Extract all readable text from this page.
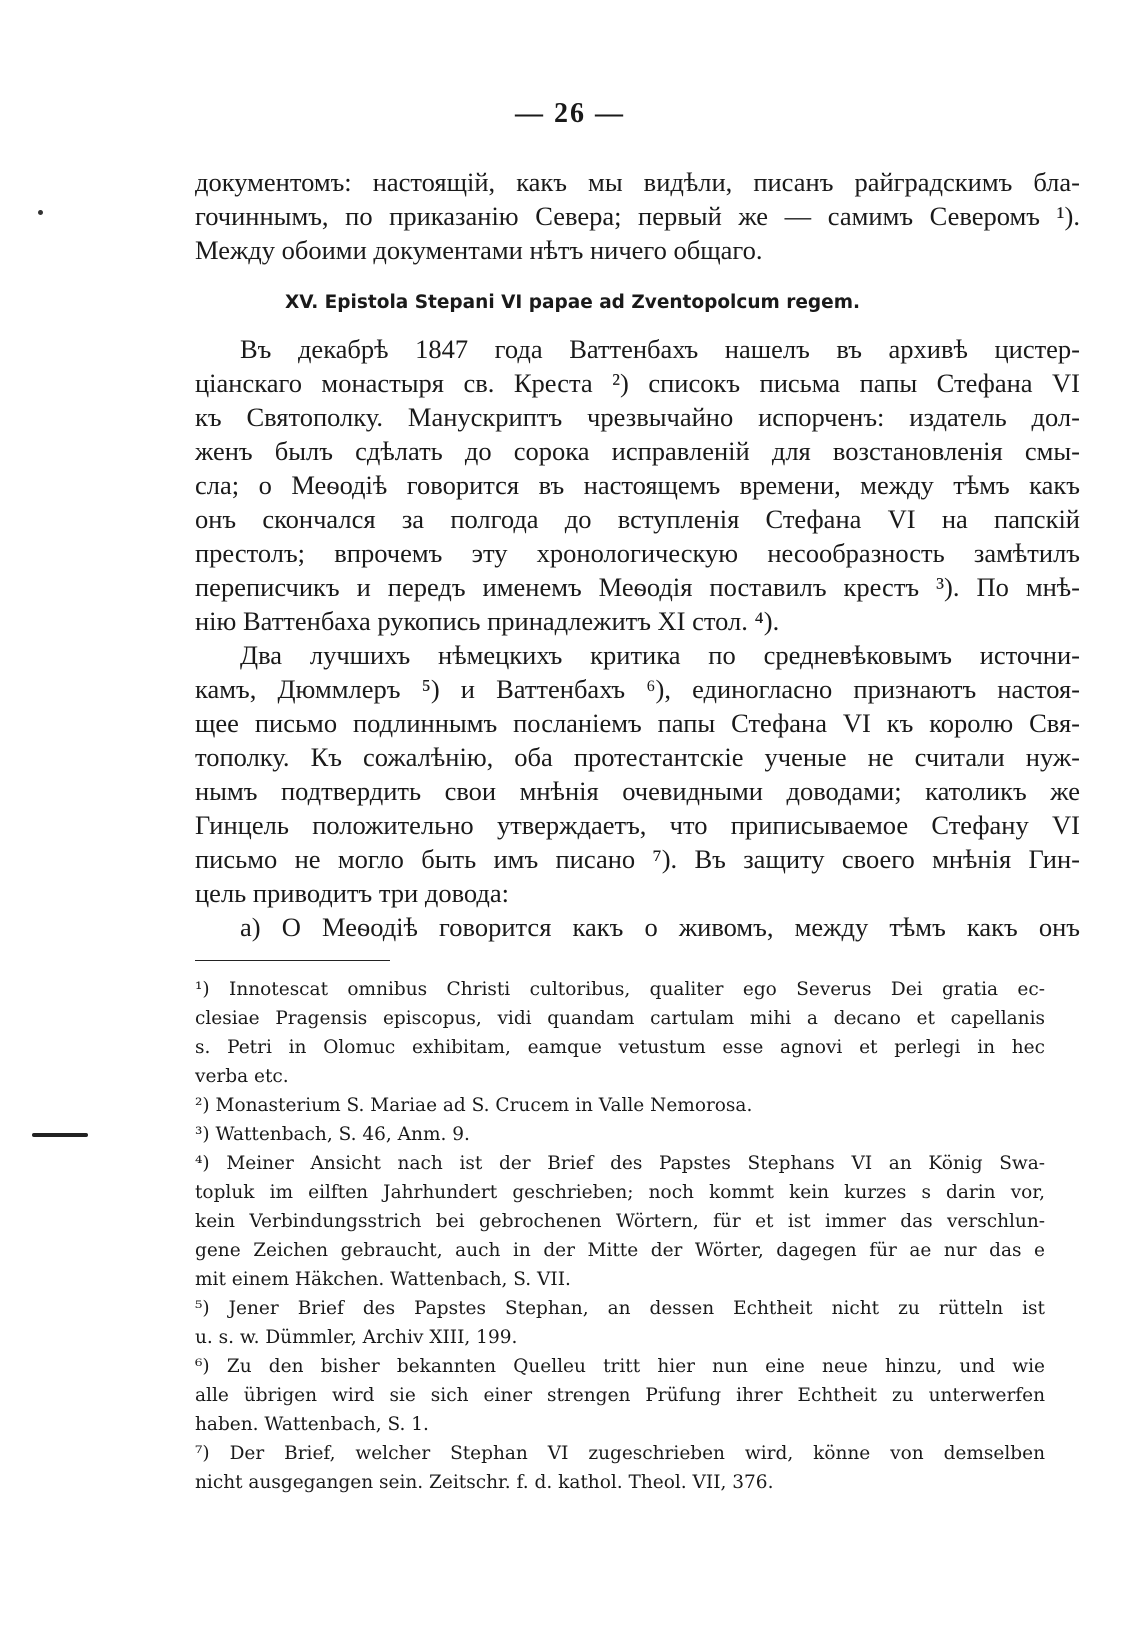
— 26 —
документомъ: настоящій, какъ мы видѣли, писанъ райградскимъ бла-
гочиннымъ, по приказанію Севера; первый же — самимъ Северомъ ¹).
Между обоими документами нѣтъ ничего общаго.
XV. Epistola Stepani VI papae ad Zventopolcum regem.
Въ декабрѣ 1847 года Ваттенбахъ нашелъ въ архивѣ цистер-
ціанскаго монастыря св. Креста ²) списокъ письма папы Стефана VI
къ Святополку. Манускриптъ чрезвычайно испорченъ: издатель дол-
женъ былъ сдѣлать до сорока исправленій для возстановленія смы-
сла; о Меѳодіѣ говорится въ настоящемъ времени, между тѣмъ какъ
онъ скончался за полгода до вступленія Стефана VI на папскій
престолъ; впрочемъ эту хронологическую несообразность замѣтилъ
переписчикъ и передъ именемъ Меѳодія поставилъ крестъ ³). По мнѣ-
нію Ваттенбаха рукопись принадлежитъ XI стол. ⁴).
Два лучшихъ нѣмецкихъ критика по средневѣковымъ источни-
камъ, Дюммлеръ ⁵) и Ваттенбахъ ⁶), единогласно признаютъ настоя-
щее письмо подлиннымъ посланіемъ папы Стефана VI къ королю Свя-
тополку. Къ сожалѣнію, оба протестантскіе ученые не считали нуж-
нымъ подтвердить свои мнѣнія очевидными доводами; католикъ же
Гинцель положительно утверждаетъ, что приписываемое Стефану VI
письмо не могло быть имъ писано ⁷). Въ защиту своего мнѣнія Гин-
цель приводитъ три довода:
а) О Меѳодіѣ говорится какъ о живомъ, между тѣмъ какъ онъ
¹) Innotescat omnibus Christi cultoribus, qualiter ego Severus Dei gratia ec-
clesiae Pragensis episcopus, vidi quandam cartulam mihi a decano et capellanis
s. Petri in Olomuc exhibitam, eamque vetustum esse agnovi et perlegi in hec
verba etc.
²) Monasterium S. Mariae ad S. Crucem in Valle Nemorosa.
³) Wattenbach, S. 46, Anm. 9.
⁴) Meiner Ansicht nach ist der Brief des Papstes Stephans VI an König Swa-
topluk im eilften Jahrhundert geschrieben; noch kommt kein kurzes s darin vor,
kein Verbindungsstrich bei gebrochenen Wörtern, für et ist immer das verschlun-
gene Zeichen gebraucht, auch in der Mitte der Wörter, dagegen für ae nur das e
mit einem Häkchen. Wattenbach, S. VII.
⁵) Jener Brief des Papstes Stephan, an dessen Echtheit nicht zu rütteln ist
u. s. w. Dümmler, Archiv XIII, 199.
⁶) Zu den bisher bekannten Quelleu tritt hier nun eine neue hinzu, und wie
alle übrigen wird sie sich einer strengen Prüfung ihrer Echtheit zu unterwerfen
haben. Wattenbach, S. 1.
⁷) Der Brief, welcher Stephan VI zugeschrieben wird, könne von demselben
nicht ausgegangen sein. Zeitschr. f. d. kathol. Theol. VII, 376.
